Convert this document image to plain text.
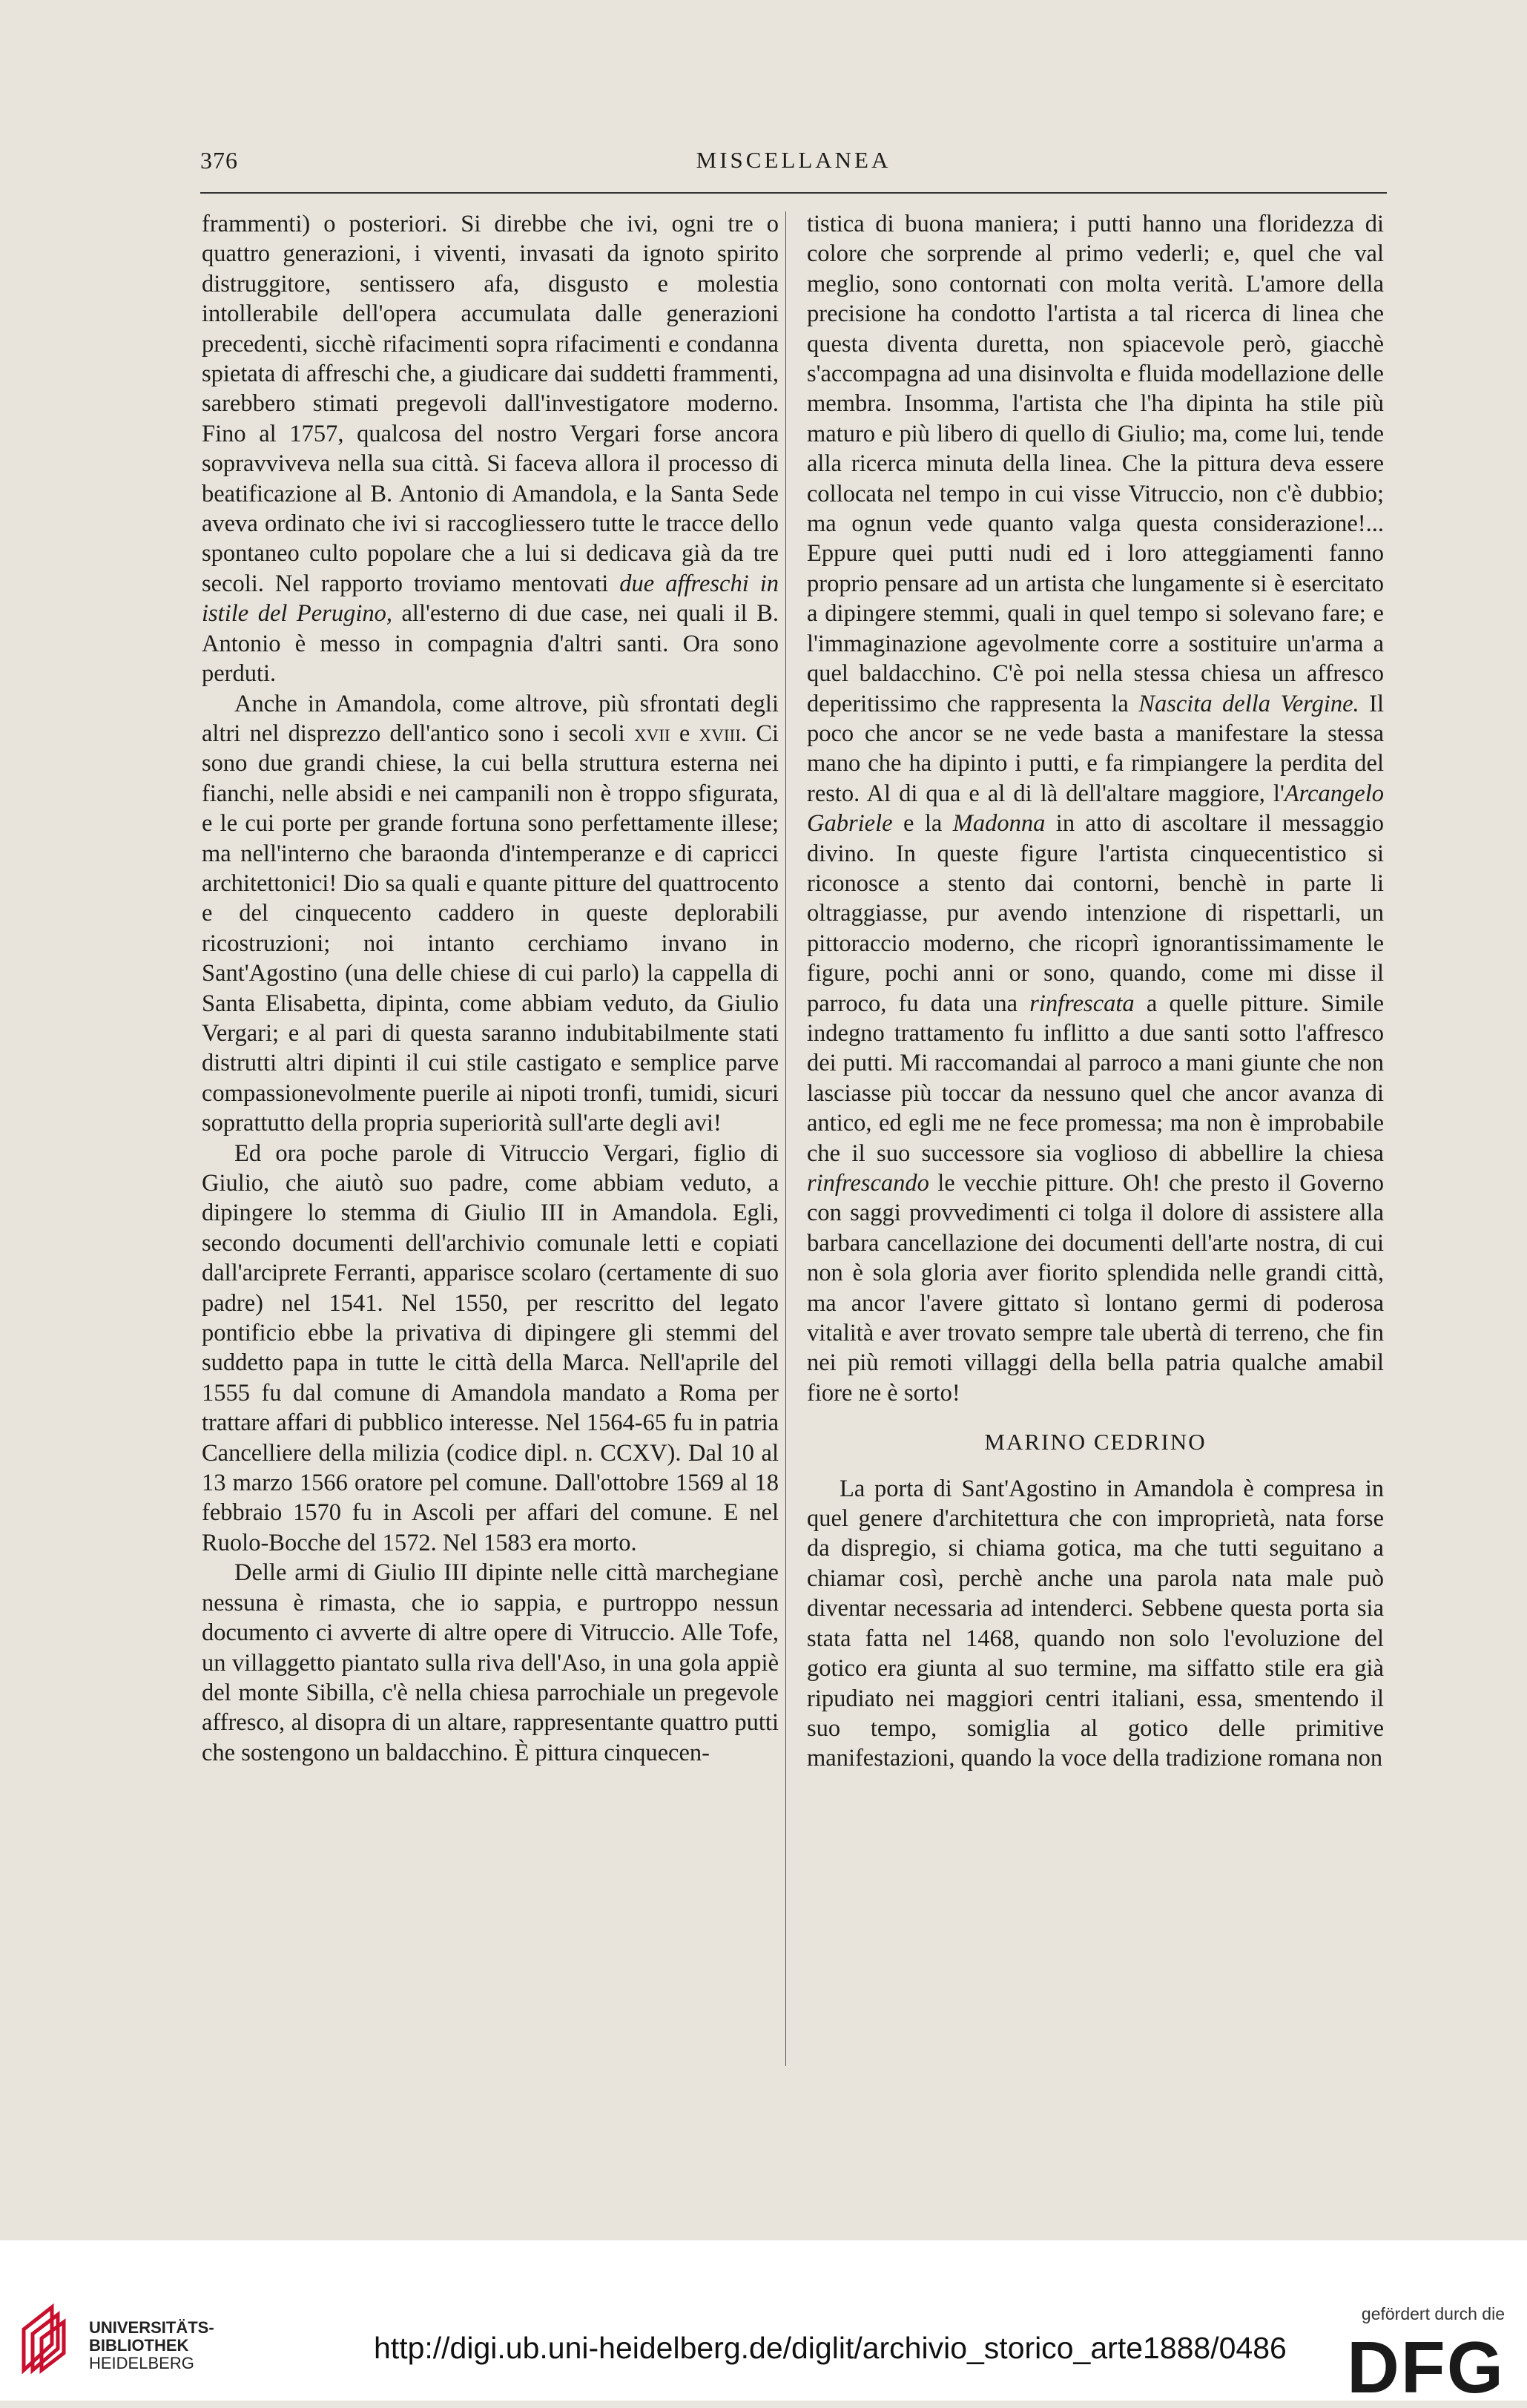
376	MISCELLANEA

frammenti) o posteriori. Si direbbe che ivi, ogni tre o quattro generazioni, i viventi, invasati da ignoto spirito distruggitore, sentissero afa, disgusto e molestia intollerabile dell'opera accumulata dalle generazioni precedenti, sicchè rifacimenti sopra rifacimenti e condanna spietata di affreschi che, a giudicare dai suddetti frammenti, sarebbero stimati pregevoli dall'investigatore moderno. Fino al 1757, qualcosa del nostro Vergari forse ancora sopravviveva nella sua città. Si faceva allora il processo di beatificazione al B. Antonio di Amandola, e la Santa Sede aveva ordinato che ivi si raccogliessero tutte le tracce dello spontaneo culto popolare che a lui si dedicava già da tre secoli. Nel rapporto troviamo mentovati due affreschi in istile del Perugino, all'esterno di due case, nei quali il B. Antonio è messo in compagnia d'altri santi. Ora sono perduti.

Anche in Amandola, come altrove, più sfrontati degli altri nel disprezzo dell'antico sono i secoli xvii e xviii. Ci sono due grandi chiese, la cui bella struttura esterna nei fianchi, nelle absidi e nei campanili non è troppo sfigurata, e le cui porte per grande fortuna sono perfettamente illese; ma nell'interno che baraonda d'intemperanze e di capricci architettonici! Dio sa quali e quante pitture del quattrocento e del cinquecento caddero in queste deplorabili ricostruzioni; noi intanto cerchiamo invano in Sant'Agostino (una delle chiese di cui parlo) la cappella di Santa Elisabetta, dipinta, come abbiam veduto, da Giulio Vergari; e al pari di questa saranno indubitabilmente stati distrutti altri dipinti il cui stile castigato e semplice parve compassionevolmente puerile ai nipoti tronfi, tumidi, sicuri soprattutto della propria superiorità sull'arte degli avi!

Ed ora poche parole di Vitruccio Vergari, figlio di Giulio, che aiutò suo padre, come abbiam veduto, a dipingere lo stemma di Giulio III in Amandola. Egli, secondo documenti dell'archivio comunale letti e copiati dall'arciprete Ferranti, apparisce scolaro (certamente di suo padre) nel 1541. Nel 1550, per rescritto del legato pontificio ebbe la privativa di dipingere gli stemmi del suddetto papa in tutte le città della Marca. Nell'aprile del 1555 fu dal comune di Amandola mandato a Roma per trattare affari di pubblico interesse. Nel 1564-65 fu in patria Cancelliere della milizia (codice dipl. n. CCXV). Dal 10 al 13 marzo 1566 oratore pel comune. Dall'ottobre 1569 al 18 febbraio 1570 fu in Ascoli per affari del comune. E nel Ruolo-Bocche del 1572. Nel 1583 era morto.

Delle armi di Giulio III dipinte nelle città marchegiane nessuna è rimasta, che io sappia, e purtroppo nessun documento ci avverte di altre opere di Vitruccio. Alle Tofe, un villaggetto piantato sulla riva dell'Aso, in una gola appiè del monte Sibilla, c'è nella chiesa parrochiale un pregevole affresco, al disopra di un altare, rappresentante quattro putti che sostengono un baldacchino. È pittura cinquecen-

tistica di buona maniera; i putti hanno una floridezza di colore che sorprende al primo vederli; e, quel che val meglio, sono contornati con molta verità. L'amore della precisione ha condotto l'artista a tal ricerca di linea che questa diventa duretta, non spiacevole però, giacchè s'accompagna ad una disinvolta e fluida modellazione delle membra. Insomma, l'artista che l'ha dipinta ha stile più maturo e più libero di quello di Giulio; ma, come lui, tende alla ricerca minuta della linea. Che la pittura deva essere collocata nel tempo in cui visse Vitruccio, non c'è dubbio; ma ognun vede quanto valga questa considerazione!... Eppure quei putti nudi ed i loro atteggiamenti fanno proprio pensare ad un artista che lungamente si è esercitato a dipingere stemmi, quali in quel tempo si solevano fare; e l'immaginazione agevolmente corre a sostituire un'arma a quel baldacchino. C'è poi nella stessa chiesa un affresco deperitissimo che rappresenta la Nascita della Vergine. Il poco che ancor se ne vede basta a manifestare la stessa mano che ha dipinto i putti, e fa rimpiangere la perdita del resto. Al di qua e al di là dell'altare maggiore, l'Arcangelo Gabriele e la Madonna in atto di ascoltare il messaggio divino. In queste figure l'artista cinquecentistico si riconosce a stento dai contorni, benchè in parte li oltraggiasse, pur avendo intenzione di rispettarli, un pittoraccio moderno, che ricoprì ignorantissimamente le figure, pochi anni or sono, quando, come mi disse il parroco, fu data una rinfrescata a quelle pitture. Simile indegno trattamento fu inflitto a due santi sotto l'affresco dei putti. Mi raccomandai al parroco a mani giunte che non lasciasse più toccar da nessuno quel che ancor avanza di antico, ed egli me ne fece promessa; ma non è improbabile che il suo successore sia voglioso di abbellire la chiesa rinfrescando le vecchie pitture. Oh! che presto il Governo con saggi provvedimenti ci tolga il dolore di assistere alla barbara cancellazione dei documenti dell'arte nostra, di cui non è sola gloria aver fiorito splendida nelle grandi città, ma ancor l'avere gittato sì lontano germi di poderosa vitalità e aver trovato sempre tale ubertà di terreno, che fin nei più remoti villaggi della bella patria qualche amabil fiore ne è sorto!

MARINO CEDRINO

La porta di Sant'Agostino in Amandola è compresa in quel genere d'architettura che con improprietà, nata forse da dispregio, si chiama gotica, ma che tutti seguitano a chiamar così, perchè anche una parola nata male può diventar necessaria ad intenderci. Sebbene questa porta sia stata fatta nel 1468, quando non solo l'evoluzione del gotico era giunta al suo termine, ma siffatto stile era già ripudiato nei maggiori centri italiani, essa, smentendo il suo tempo, somiglia al gotico delle primitive manifestazioni, quando la voce della tradizione romana non

UNIVERSITÄTS-
BIBLIOTHEK
HEIDELBERG	http://digi.ub.uni-heidelberg.de/diglit/archivio_storico_arte1888/0486
gefördert durch die
DFG
